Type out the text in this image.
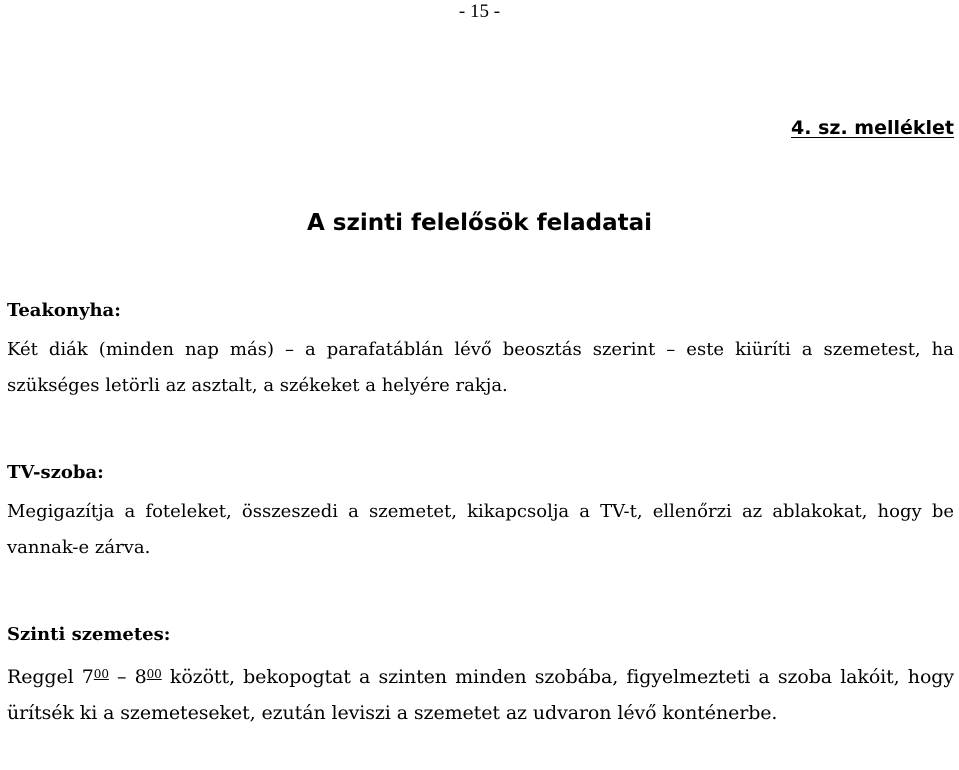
- 15 -
4. sz. melléklet
A szinti felelősök feladatai
Teakonyha:

Két diák (minden nap más) – a parafatáblán lévő beosztás szerint – este kiüríti a szemetest, ha szükséges letörli az asztalt, a székeket a helyére rakja.

TV-szoba:

Megigazítja a foteleket, összeszedi a szemetet, kikapcsolja a TV-t, ellenőrzi az ablakokat, hogy be vannak-e zárva.

Szinti szemetes:

Reggel $7^{00} - 8^{00}$ között, bekopogtat a szinten minden szobába, figyelmezteti a szoba lakóit, hogy ürítsék ki a szemeteseket, ezután leviszi a szemetet az udvaron lévő konténerbe.
